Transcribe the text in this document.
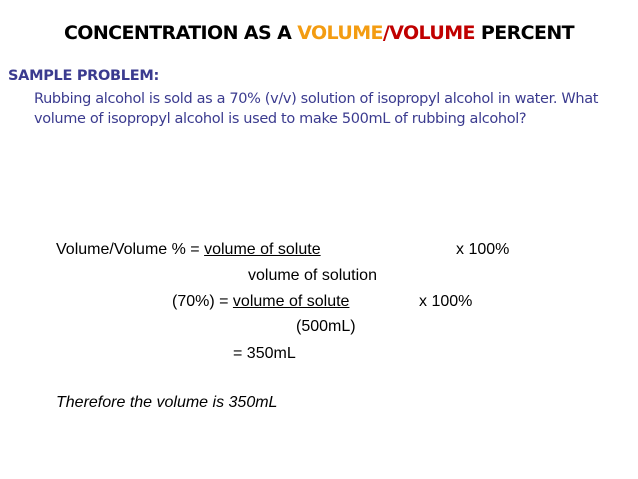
CONCENTRATION AS A VOLUME/VOLUME PERCENT
SAMPLE PROBLEM:
Rubbing alcohol is sold as a 70% (v/v) solution of isopropyl alcohol in water. What volume of isopropyl alcohol is used to make 500mL of rubbing alcohol?
Volume/Volume % = volume of solute	x 100%
volume of solution
(70%) = volume of solute	x 100%
(500mL)
= 350mL
Therefore the volume is 350mL
